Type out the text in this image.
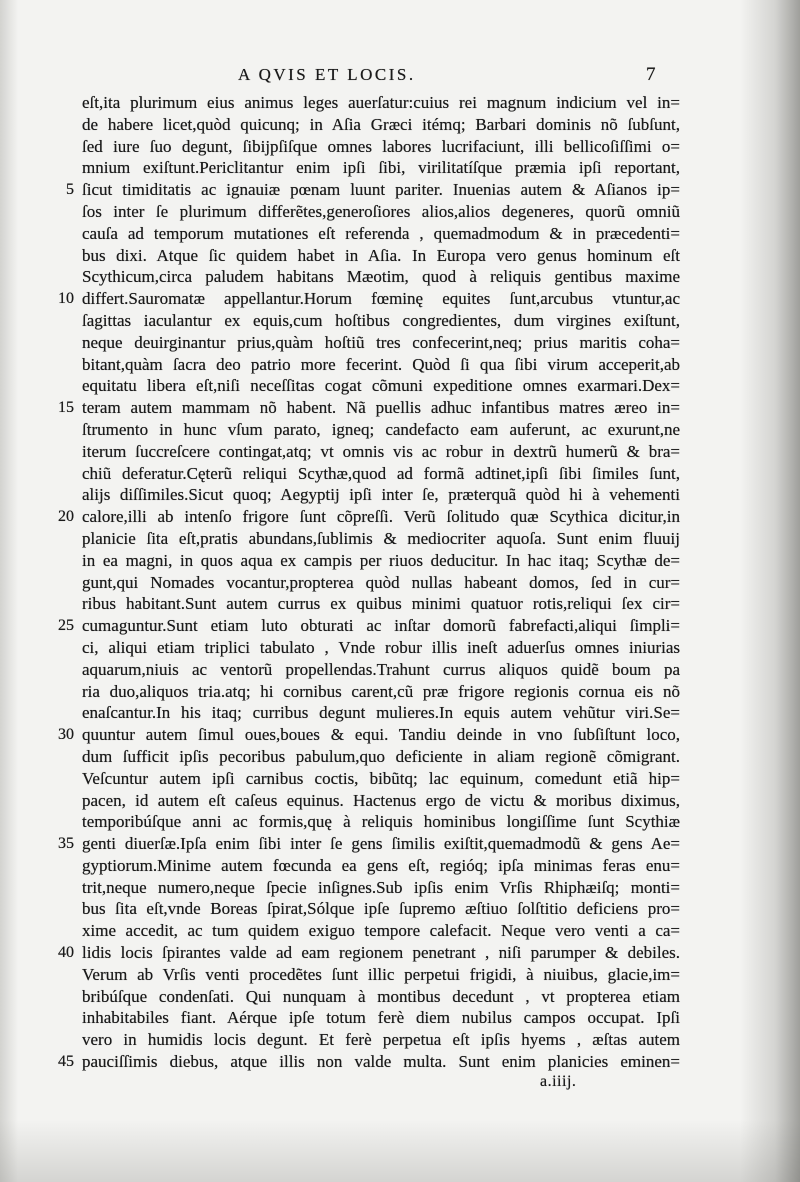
A QVIS ET LOCIS.	7
eſt,ita plurimum eius animus leges auerſatur:cuius rei magnum indicium vel in=
de habere licet,quòd quicunq; in Aſia Græci itémq; Barbari dominis nõ ſubſunt,
ſed iure ſuo degunt, ſibijpſiſque omnes labores lucrifaciunt, illi bellicoſiſſimi o=
mnium exiſtunt.Periclitantur enim ipſi ſibi, virilitatíſque præmia ipſi reportant,
5 ſicut timiditatis ac ignauiæ pœnam luunt pariter. Inuenias autem & Aſianos ip=
ſos inter ſe plurimum differẽtes,generoſiores alios,alios degeneres, quorũ omniũ
cauſa ad temporum mutationes eſt referenda , quemadmodum & in præcedenti=
bus dixi. Atque ſic quidem habet in Aſia. In Europa vero genus hominum eſt
Scythicum,circa paludem habitans Mæotim, quod à reliquis gentibus maxime
10 differt.Sauromatæ appellantur.Horum fœminę equites ſunt,arcubus vtuntur,ac
ſagittas iaculantur ex equis,cum hoſtibus congredientes, dum virgines exiſtunt,
neque deuirginantur prius,quàm hoſtiũ tres confecerint,neq; prius maritis coha=
bitant,quàm ſacra deo patrio more fecerint. Quòd ſi qua ſibi virum acceperit,ab
equitatu libera eſt,niſi neceſſitas cogat cõmuni expeditione omnes exarmari.Dex=
15 teram autem mammam nõ habent. Nã puellis adhuc infantibus matres æreo in=
ſtrumento in hunc vſum parato, igneq; candefacto eam auferunt, ac exurunt,ne
iterum ſuccreſcere contingat,atq; vt omnis vis ac robur in dextrũ humerũ & bra=
chiũ deferatur.Cęterũ reliqui Scythæ,quod ad formã adtinet,ipſi ſibi ſimiles ſunt,
alijs diſſimiles.Sicut quoq; Aegyptij ipſi inter ſe, præterquã quòd hi à vehementi
20 calore,illi ab intenſo frigore ſunt cõpreſſi. Verũ ſolitudo quæ Scythica dicitur,in
planicie ſita eſt,pratis abundans,ſublimis & mediocriter aquoſa. Sunt enim fluuij
in ea magni, in quos aqua ex campis per riuos deducitur. In hac itaq; Scythæ de=
gunt,qui Nomades vocantur,propterea quòd nullas habeant domos, ſed in cur=
ribus habitant.Sunt autem currus ex quibus minimi quatuor rotis,reliqui ſex cir=
25 cumaguntur.Sunt etiam luto obturati ac inſtar domorũ fabrefacti,aliqui ſimpli=
ci, aliqui etiam triplici tabulato , Vnde robur illis ineſt aduerſus omnes iniurias
aquarum,niuis ac ventorũ propellendas.Trahunt currus aliquos quidẽ boum pa
ria duo,aliquos tria.atq; hi cornibus carent,cũ præ frigore regionis cornua eis nõ
enaſcantur.In his itaq; curribus degunt mulieres.In equis autem vehũtur viri.Se=
30 quuntur autem ſimul oues,boues & equi. Tandiu deinde in vno ſubſiſtunt loco,
dum ſufficit ipſis pecoribus pabulum,quo deficiente in aliam regionẽ cõmigrant.
Veſcuntur autem ipſi carnibus coctis, bibũtq; lac equinum, comedunt etiã hip=
pacen, id autem eſt caſeus equinus. Hactenus ergo de victu & moribus diximus,
temporibúſque anni ac formis,quę à reliquis hominibus longiſſime ſunt Scythiæ
35 genti diuerſæ.Ipſa enim ſibi inter ſe gens ſimilis exiſtit,quemadmodũ & gens Ae=
gyptiorum.Minime autem fœcunda ea gens eſt, regióq; ipſa minimas feras enu=
trit,neque numero,neque ſpecie inſignes.Sub ipſis enim Vrſis Rhiphæiſq; monti=
bus ſita eſt,vnde Boreas ſpirat,Sólque ipſe ſupremo æſtiuo ſolſtitio deficiens pro=
xime accedit, ac tum quidem exiguo tempore calefacit. Neque vero venti a ca=
40 lidis locis ſpirantes valde ad eam regionem penetrant , niſi parumper & debiles.
Verum ab Vrſis venti procedẽtes ſunt illic perpetui frigidi, à niuibus, glacie,im=
bribúſque condenſati. Qui nunquam à montibus decedunt , vt propterea etiam
inhabitabiles fiant. Aérque ipſe totum ferè diem nubilus campos occupat. Ipſi
vero in humidis locis degunt. Et ferè perpetua eſt ipſis hyems , æſtas autem
45 pauciſſimis diebus, atque illis non valde multa. Sunt enim planicies eminen=
a.iiij.
